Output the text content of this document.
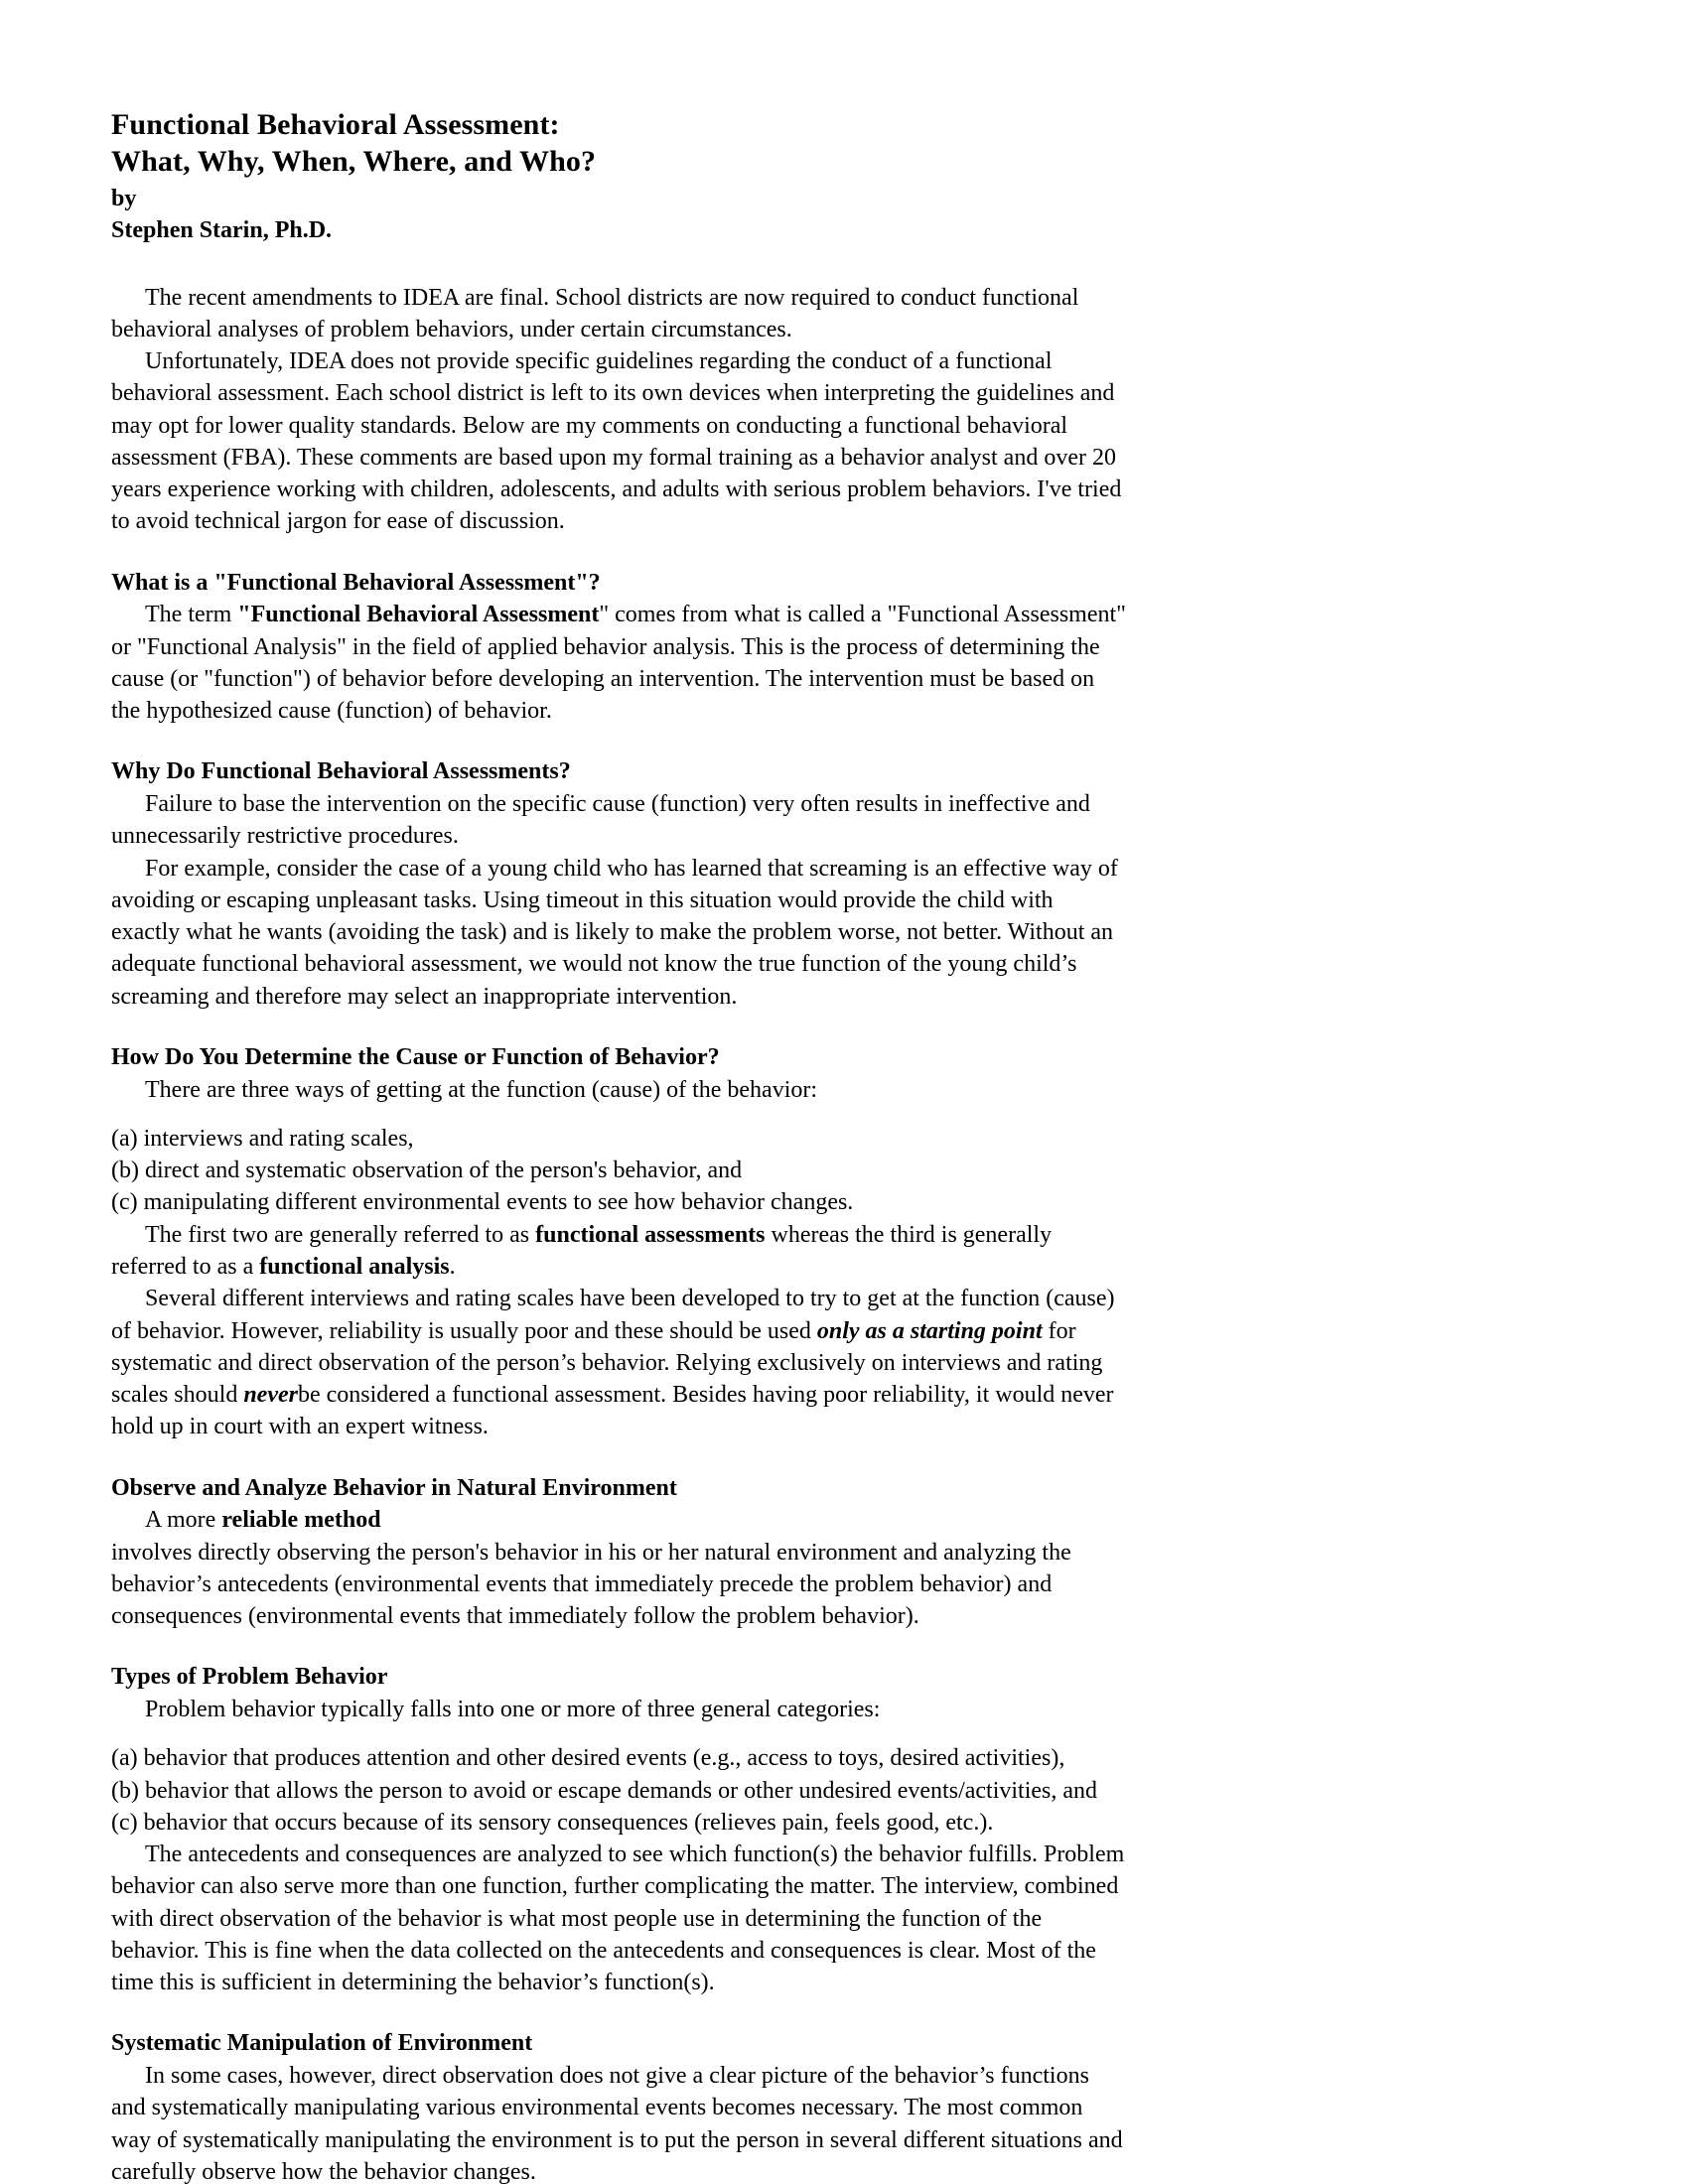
Functional Behavioral Assessment:
What, Why, When, Where, and Who?
by
Stephen Starin, Ph.D.

The recent amendments to IDEA are final. School districts are now required to conduct functional behavioral analyses of problem behaviors, under certain circumstances.

Unfortunately, IDEA does not provide specific guidelines regarding the conduct of a functional behavioral assessment. Each school district is left to its own devices when interpreting the guidelines and may opt for lower quality standards. Below are my comments on conducting a functional behavioral assessment (FBA). These comments are based upon my formal training as a behavior analyst and over 20 years experience working with children, adolescents, and adults with serious problem behaviors. I've tried to avoid technical jargon for ease of discussion.

What is a "Functional Behavioral Assessment"?

The term "Functional Behavioral Assessment" comes from what is called a "Functional Assessment" or "Functional Analysis" in the field of applied behavior analysis. This is the process of determining the cause (or "function") of behavior before developing an intervention. The intervention must be based on the hypothesized cause (function) of behavior.

Why Do Functional Behavioral Assessments?

Failure to base the intervention on the specific cause (function) very often results in ineffective and unnecessarily restrictive procedures.

For example, consider the case of a young child who has learned that screaming is an effective way of avoiding or escaping unpleasant tasks. Using timeout in this situation would provide the child with exactly what he wants (avoiding the task) and is likely to make the problem worse, not better. Without an adequate functional behavioral assessment, we would not know the true function of the young child’s screaming and therefore may select an inappropriate intervention.

How Do You Determine the Cause or Function of Behavior?

There are three ways of getting at the function (cause) of the behavior:

(a) interviews and rating scales,

(b) direct and systematic observation of the person's behavior, and

(c) manipulating different environmental events to see how behavior changes.

The first two are generally referred to as functional assessments whereas the third is generally referred to as a functional analysis.

Several different interviews and rating scales have been developed to try to get at the function (cause) of behavior. However, reliability is usually poor and these should be used only as a starting point for systematic and direct observation of the person’s behavior. Relying exclusively on interviews and rating scales should neverbe considered a functional assessment. Besides having poor reliability, it would never hold up in court with an expert witness.

Observe and Analyze Behavior in Natural Environment

A more reliable method

involves directly observing the person's behavior in his or her natural environment and analyzing the behavior’s antecedents (environmental events that immediately precede the problem behavior) and consequences (environmental events that immediately follow the problem behavior).

Types of Problem Behavior

Problem behavior typically falls into one or more of three general categories:

(a) behavior that produces attention and other desired events (e.g., access to toys, desired activities),

(b) behavior that allows the person to avoid or escape demands or other undesired events/activities, and

(c) behavior that occurs because of its sensory consequences (relieves pain, feels good, etc.).

The antecedents and consequences are analyzed to see which function(s) the behavior fulfills. Problem behavior can also serve more than one function, further complicating the matter. The interview, combined with direct observation of the behavior is what most people use in determining the function of the behavior. This is fine when the data collected on the antecedents and consequences is clear. Most of the time this is sufficient in determining the behavior’s function(s).

Systematic Manipulation of Environment

In some cases, however, direct observation does not give a clear picture of the behavior’s functions and systematically manipulating various environmental events becomes necessary. The most common way of systematically manipulating the environment is to put the person in several different situations and carefully observe how the behavior changes.
